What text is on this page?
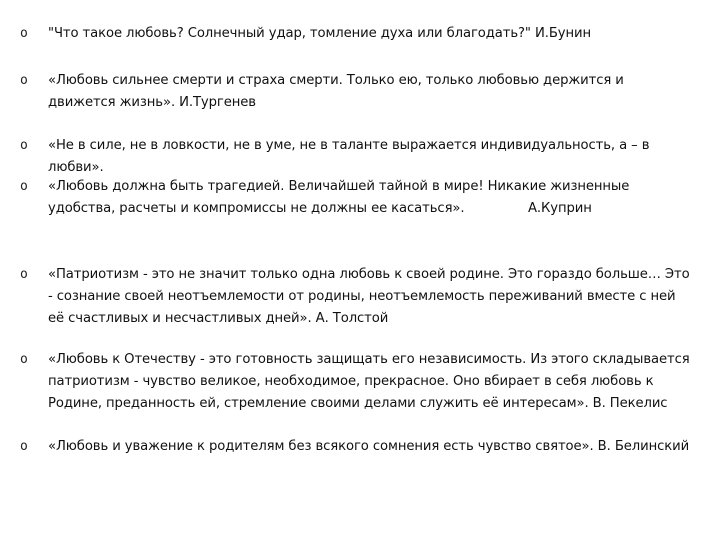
o "Что такое любовь? Солнечный удар, томление духа или благодать?" И.Бунин
o «Любовь сильнее смерти и страха смерти. Только ею, только любовью держится и
движется жизнь». И.Тургенев
o «Не в силе, не в ловкости, не в уме, не в таланте выражается индивидуальность, а – в
любви».
o «Любовь должна быть трагедией. Величайшей тайной в мире! Никакие жизненные
удобства, расчеты и компромиссы не должны ее касаться».	А.Куприн
o «Патриотизм - это не значит только одна любовь к своей родине. Это гораздо больше… Это
- сознание своей неотъемлемости от родины, неотъемлемость переживаний вместе с ней
её счастливых и несчастливых дней». А. Толстой
o «Любовь к Отечеству - это готовность защищать его независимость. Из этого складывается
патриотизм - чувство великое, необходимое, прекрасное. Оно вбирает в себя любовь к
Родине, преданность ей, стремление своими делами служить её интересам». В. Пекелис
o «Любовь и уважение к родителям без всякого сомнения есть чувство святое». В. Белинский
